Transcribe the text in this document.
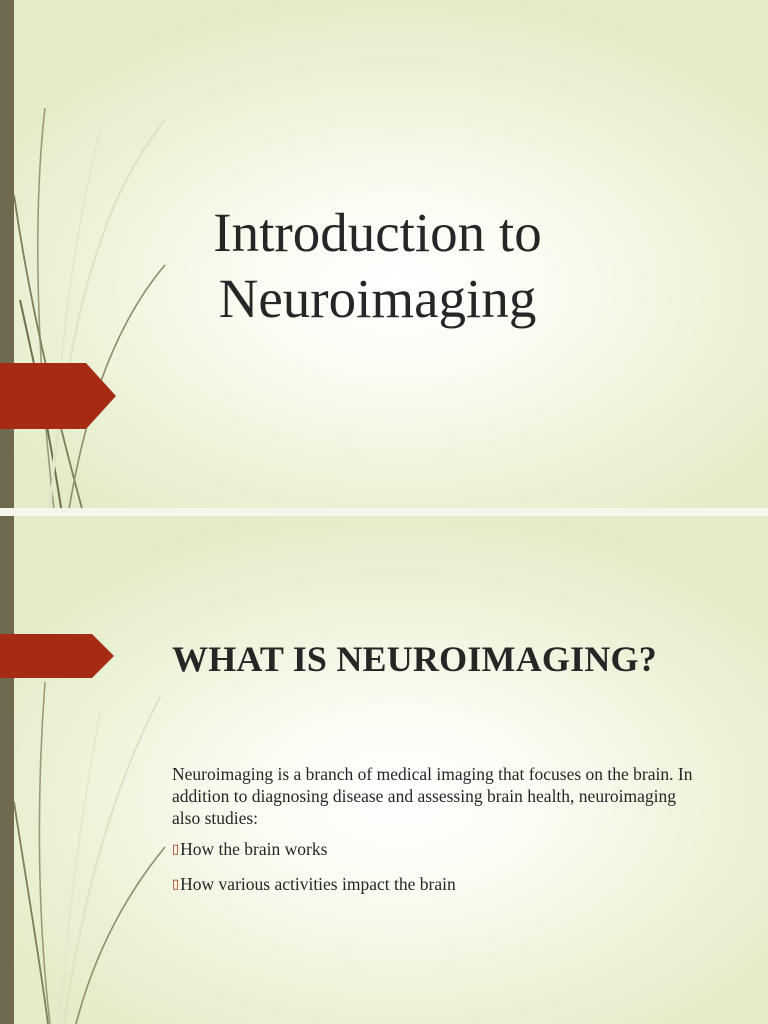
Introduction to Neuroimaging
WHAT IS NEUROIMAGING?
Neuroimaging is a branch of medical imaging that focuses on the brain. In addition to diagnosing disease and assessing brain health, neuroimaging also studies:
▯How the brain works
▯How various activities impact the brain
